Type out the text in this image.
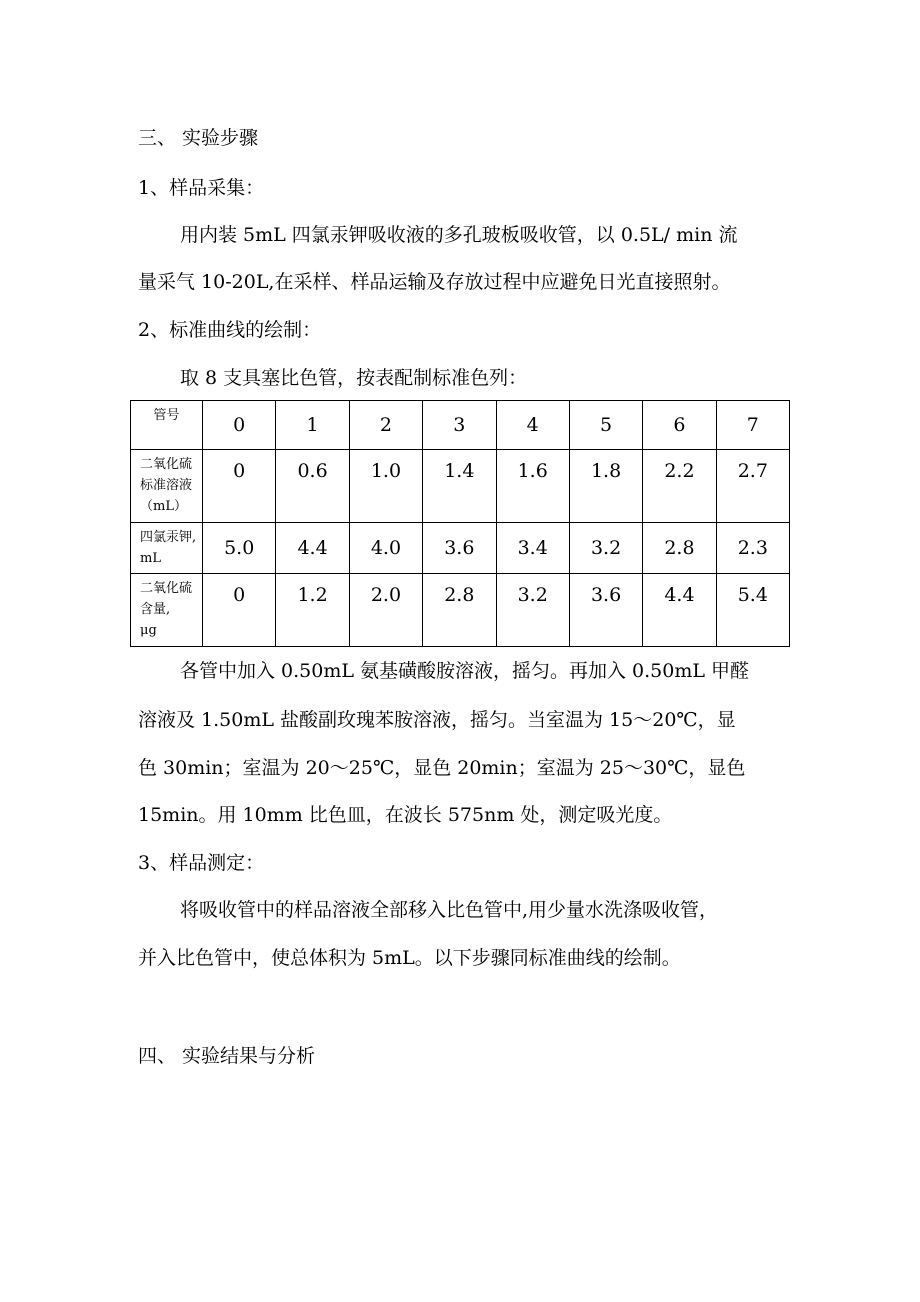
三、 实验步骤
1、样品采集：
用内装 5mL 四氯汞钾吸收液的多孔玻板吸收管，以 0.5L/ min 流
量采气 10-20L,在采样、样品运输及存放过程中应避免日光直接照射。
2、标准曲线的绘制：
取 8 支具塞比色管，按表配制标准色列：
管号	0	1	2	3	4	5	6	7

二氧化硫
标准溶液
（mL）	0	0.6	1.0	1.4	1.6	1.8	2.2	2.7

四氯汞钾,
mL	5.0	4.4	4.0	3.6	3.4	3.2	2.8	2.3

二氧化硫
含量,
μg	0	1.2	2.0	2.8	3.2	3.6	4.4	5.4
各管中加入 0.50mL 氨基磺酸胺溶液，摇匀。再加入 0.50mL 甲醛
溶液及 1.50mL 盐酸副玫瑰苯胺溶液，摇匀。当室温为 15～20℃，显
色 30min；室温为 20～25℃，显色 20min；室温为 25～30℃，显色
15min。用 10mm 比色皿，在波长 575nm 处，测定吸光度。
3、样品测定：
将吸收管中的样品溶液全部移入比色管中,用少量水洗涤吸收管，
并入比色管中，使总体积为 5mL。以下步骤同标准曲线的绘制。
四、 实验结果与分析
